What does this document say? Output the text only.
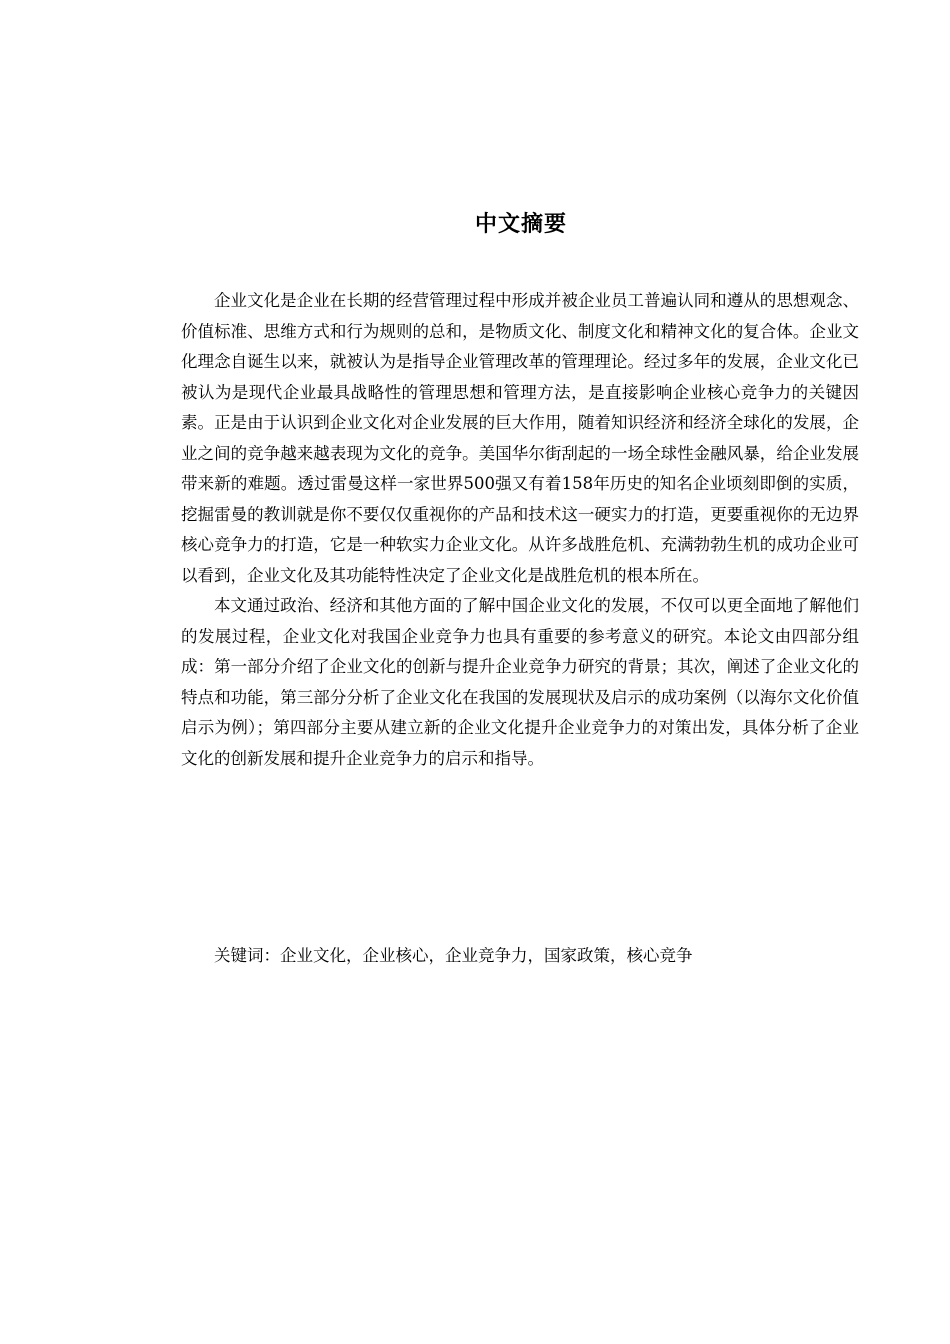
中文摘要

企业文化是企业在长期的经营管理过程中形成并被企业员工普遍认同和遵从的思想观念、价值标准、思维方式和行为规则的总和，是物质文化、制度文化和精神文化的复合体。企业文化理念自诞生以来，就被认为是指导企业管理改革的管理理论。经过多年的发展，企业文化已被认为是现代企业最具战略性的管理思想和管理方法，是直接影响企业核心竞争力的关键因素。正是由于认识到企业文化对企业发展的巨大作用，随着知识经济和经济全球化的发展，企业之间的竞争越来越表现为文化的竞争。美国华尔街刮起的一场全球性金融风暴，给企业发展带来新的难题。透过雷曼这样一家世界500强又有着158年历史的知名企业顷刻即倒的实质，挖掘雷曼的教训就是你不要仅仅重视你的产品和技术这一硬实力的打造，更要重视你的无边界核心竞争力的打造，它是一种软实力企业文化。从许多战胜危机、充满勃勃生机的成功企业可以看到，企业文化及其功能特性决定了企业文化是战胜危机的根本所在。

本文通过政治、经济和其他方面的了解中国企业文化的发展，不仅可以更全面地了解他们的发展过程，企业文化对我国企业竞争力也具有重要的参考意义的研究。本论文由四部分组成：第一部分介绍了企业文化的创新与提升企业竞争力研究的背景；其次，阐述了企业文化的特点和功能，第三部分分析了企业文化在我国的发展现状及启示的成功案例（以海尔文化价值启示为例）；第四部分主要从建立新的企业文化提升企业竞争力的对策出发，具体分析了企业文化的创新发展和提升企业竞争力的启示和指导。

关键词：企业文化，企业核心，企业竞争力，国家政策，核心竞争
